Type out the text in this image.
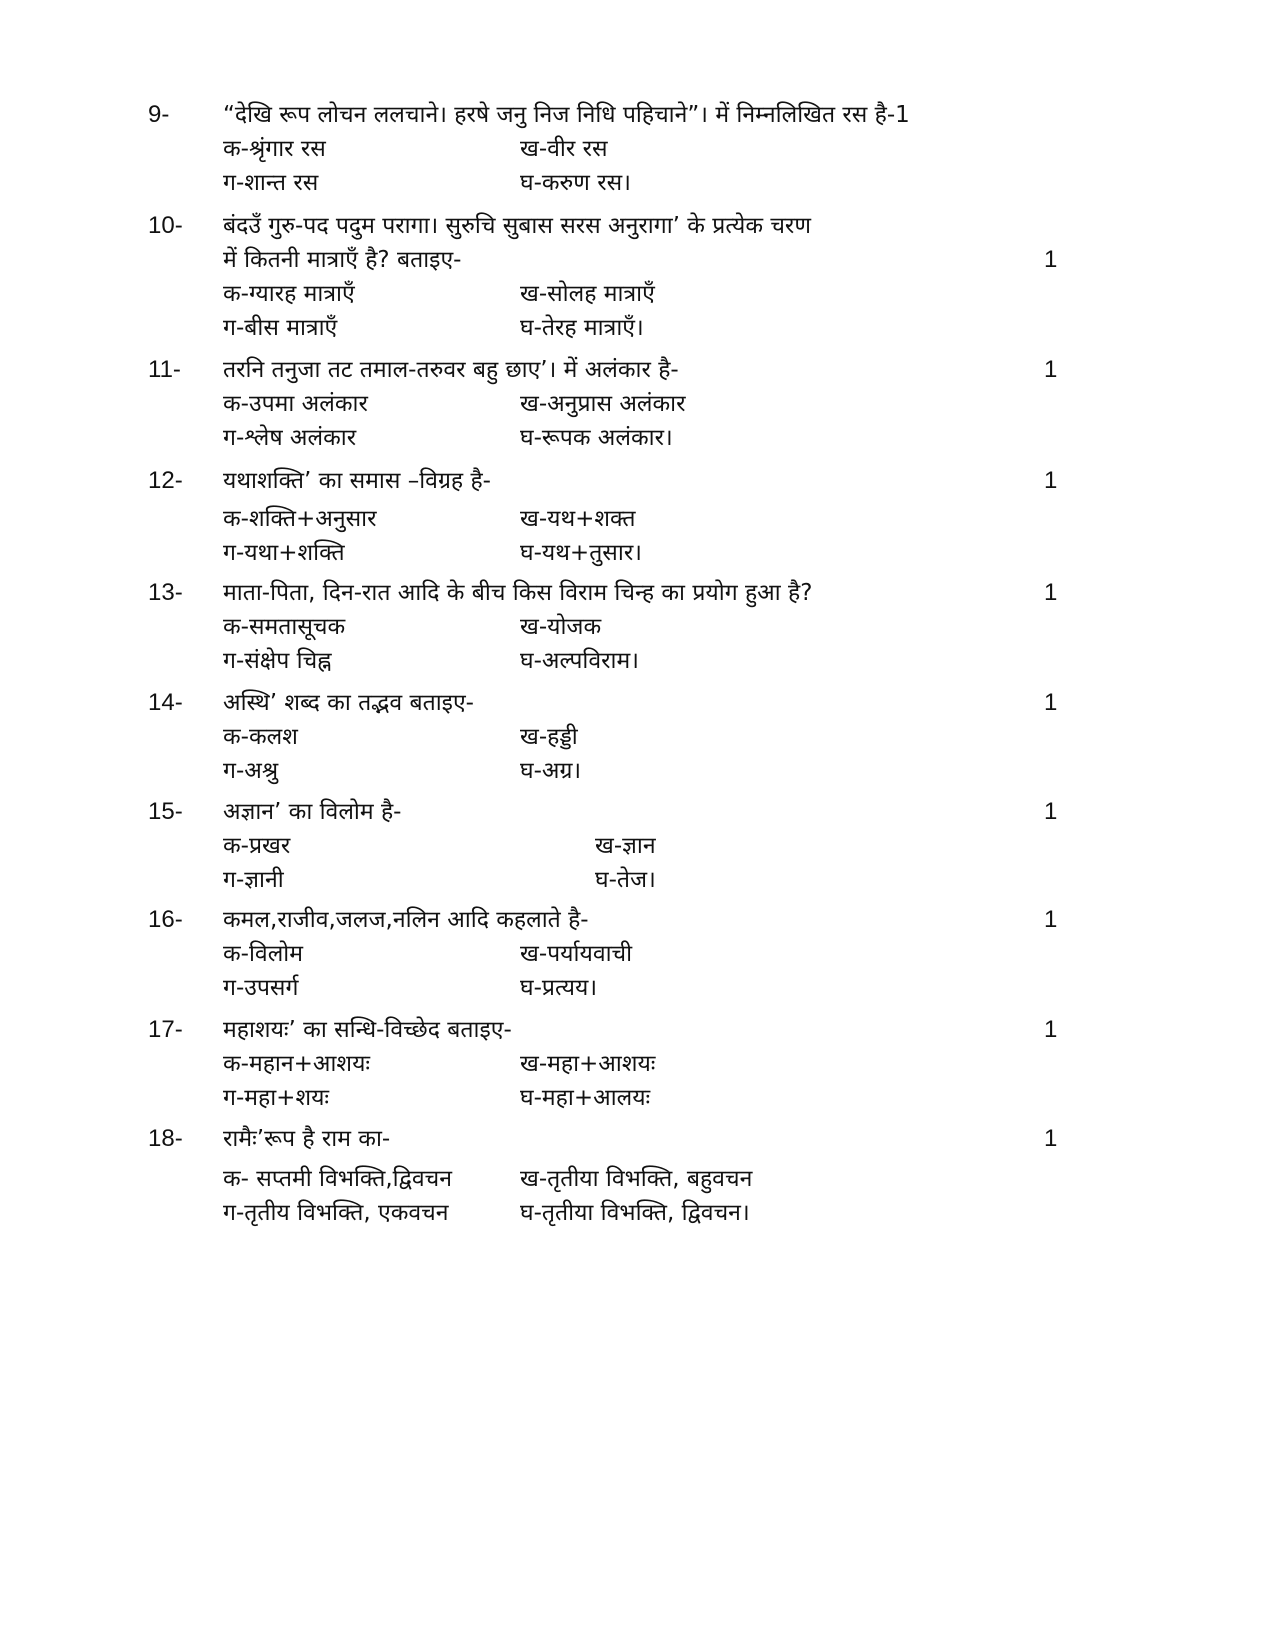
9- “देखि रूप लोचन ललचाने। हरषे जनु निज निधि पहिचाने”। में निम्नलिखित रस है-1
क-श्रृंगार रस	ख-वीर रस
ग-शान्त रस	घ-करुण रस।
10- बंदउँ गुरु-पद पदुम परागा। सुरुचि सुबास सरस अनुरागा’ के प्रत्येक चरण
में कितनी मात्राएँ है? बताइए-	1
क-ग्यारह मात्राएँ	ख-सोलह मात्राएँ
ग-बीस मात्राएँ	घ-तेरह मात्राएँ।
11- तरनि तनुजा तट तमाल-तरुवर बहु छाए’। में अलंकार है-	1
क-उपमा अलंकार	ख-अनुप्रास अलंकार
ग-श्लेष अलंकार	घ-रूपक अलंकार।
12- यथाशक्ति’ का समास –विग्रह है-	1
क-शक्ति+अनुसार	ख-यथ+शक्त
ग-यथा+शक्ति	घ-यथ+तुसार।
13- माता-पिता, दिन-रात आदि के बीच किस विराम चिन्ह का प्रयोग हुआ है?	1
क-समतासूचक	ख-योजक
ग-संक्षेप चिह्न	घ-अल्पविराम।
14- अस्थि’ शब्द का तद्भव बताइए-	1
क-कलश	ख-हड्डी
ग-अश्रु	घ-अग्र।
15- अज्ञान’ का विलोम है-	1
क-प्रखर	ख-ज्ञान
ग-ज्ञानी	घ-तेज।
16- कमल,राजीव,जलज,नलिन आदि कहलाते है-	1
क-विलोम	ख-पर्यायवाची
ग-उपसर्ग	घ-प्रत्यय।
17- महाशयः’ का सन्धि-विच्छेद बताइए-	1
क-महान+आशयः	ख-महा+आशयः
ग-महा+शयः	घ-महा+आलयः
18- रामैः’रूप है राम का-	1
क- सप्तमी विभक्ति,द्विवचन	ख-तृतीया विभक्ति, बहुवचन
ग-तृतीय विभक्ति, एकवचन	घ-तृतीया विभक्ति, द्विवचन।
